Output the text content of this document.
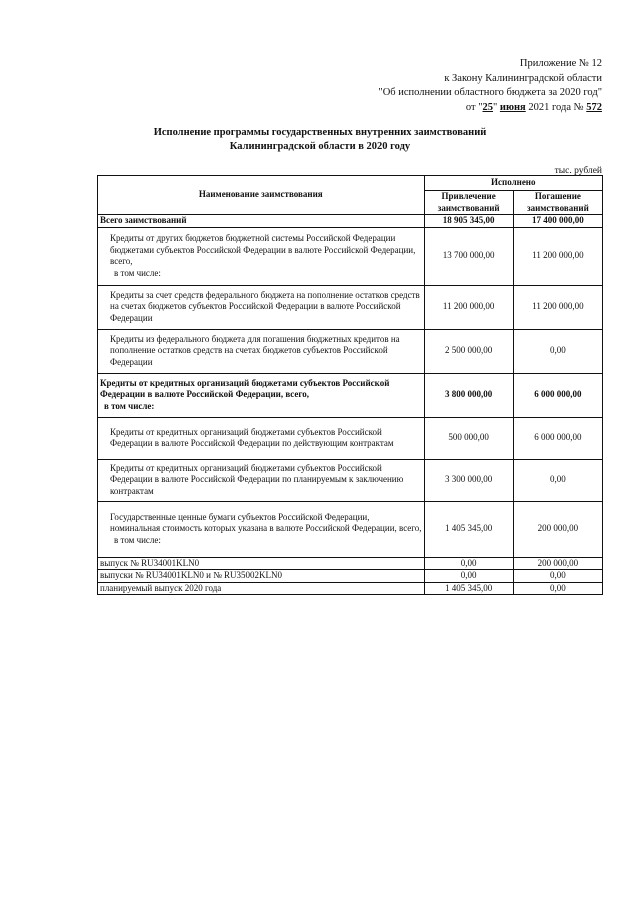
Приложение № 12
к Закону Калининградской области
"Об исполнении областного бюджета за 2020 год"
от "25" июня 2021 года № 572
Исполнение программы государственных внутренних заимствований
Калининградской области в 2020 году
тыс. рублей
Наименование заимствования	Исполнено	
	Привлечение заимствований	Погашение заимствований
Всего заимствований	18 905 345,00	17 400 000,00

Кредиты от других бюджетов бюджетной системы Российской Федерации бюджетами субъектов Российской Федерации в валюте Российской Федерации, всего,
в том числе:	13 700 000,00	11 200 000,00
Кредиты за счет средств федерального бюджета на пополнение остатков средств на счетах бюджетов субъектов Российской Федерации в валюте Российской Федерации	11 200 000,00	11 200 000,00
Кредиты из федерального бюджета для погашения бюджетных кредитов на пополнение остатков средств на счетах бюджетов субъектов Российской Федерации	2 500 000,00	0,00

Кредиты от кредитных организаций бюджетами субъектов Российской Федерации в валюте Российской Федерации, всего,
в том числе:	3 800 000,00	6 000 000,00
Кредиты от кредитных организаций бюджетами субъектов Российской Федерации в валюте Российской Федерации по действующим контрактам	500 000,00	6 000 000,00
Кредиты от кредитных организаций бюджетами субъектов Российской Федерации в валюте Российской Федерации по планируемым к заключению контрактам	3 300 000,00	0,00

Государственные ценные бумаги субъектов Российской Федерации, номинальная стоимость которых указана в валюте Российской Федерации, всего,
в том числе:	1 405 345,00	200 000,00
выпуск № RU34001KLN0	0,00	200 000,00
выпуски № RU34001KLN0 и № RU35002KLN0	0,00	0,00
планируемый выпуск 2020 года	1 405 345,00	0,00
